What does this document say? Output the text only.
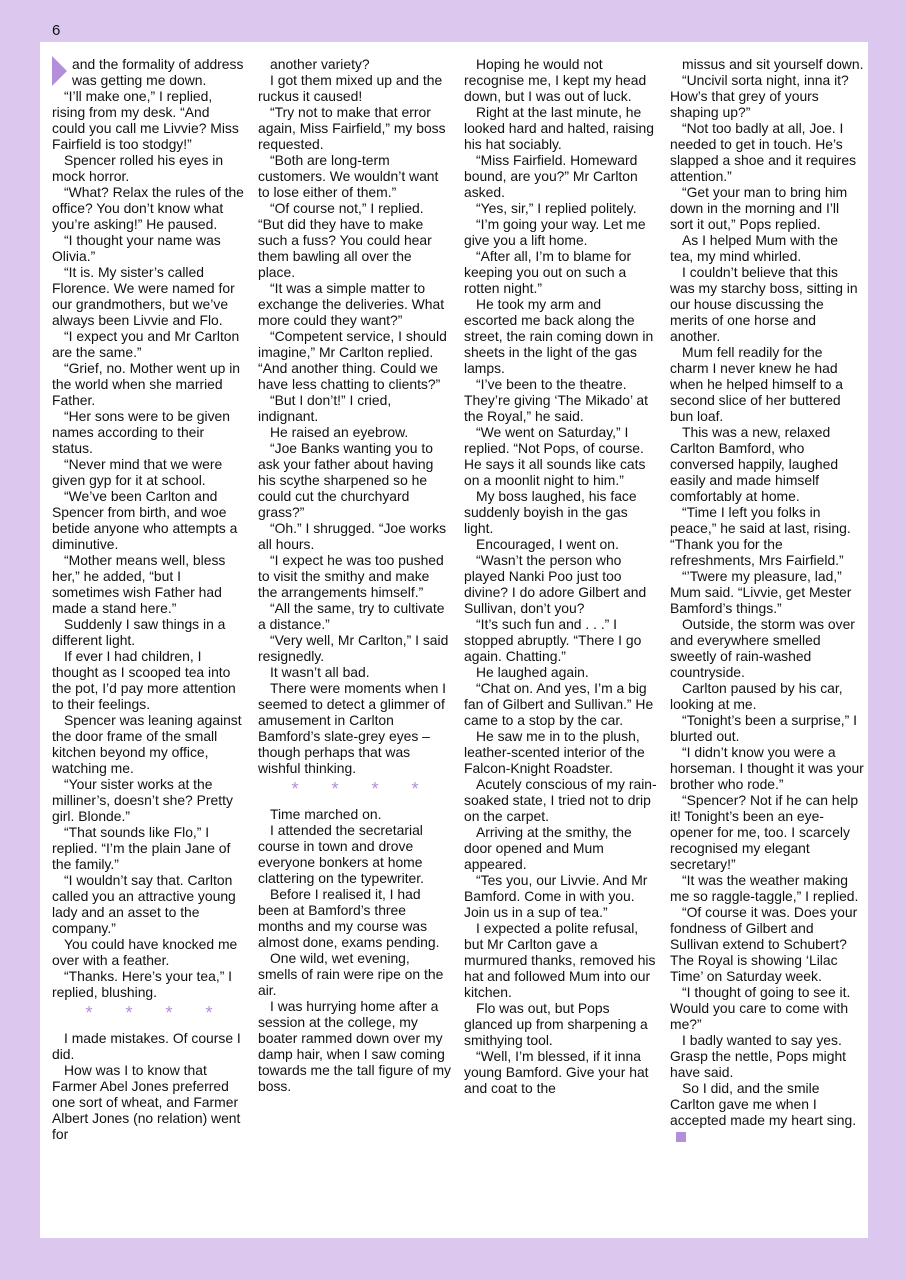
6

and the formality of address was getting me down.

“I’ll make one,” I replied, rising from my desk. “And could you call me Livvie? Miss Fairfield is too stodgy!”

Spencer rolled his eyes in mock horror.

“What? Relax the rules of the office? You don’t know what you’re asking!” He paused.

“I thought your name was Olivia.”

“It is. My sister’s called Florence. We were named for our grandmothers, but we’ve always been Livvie and Flo.

“I expect you and Mr Carlton are the same.”

“Grief, no. Mother went up in the world when she married Father.

“Her sons were to be given names according to their status.

“Never mind that we were given gyp for it at school.

“We’ve been Carlton and Spencer from birth, and woe betide anyone who attempts a diminutive.

“Mother means well, bless her,” he added, “but I sometimes wish Father had made a stand here.”

Suddenly I saw things in a different light.

If ever I had children, I thought as I scooped tea into the pot, I’d pay more attention to their feelings.

Spencer was leaning against the door frame of the small kitchen beyond my office, watching me.

“Your sister works at the milliner’s, doesn’t she? Pretty girl. Blonde.”

“That sounds like Flo,” I replied. “I’m the plain Jane of the family.”

“I wouldn’t say that. Carlton called you an attractive young lady and an asset to the company.”

You could have knocked me over with a feather.

“Thanks. Here’s your tea,” I replied, blushing.

* * * *

I made mistakes. Of course I did.

How was I to know that Farmer Abel Jones preferred one sort of wheat, and Farmer Albert Jones (no relation) went for

another variety?

I got them mixed up and the ruckus it caused!

“Try not to make that error again, Miss Fairfield,” my boss requested.

“Both are long-term customers. We wouldn’t want to lose either of them.”

“Of course not,” I replied. “But did they have to make such a fuss? You could hear them bawling all over the place.

“It was a simple matter to exchange the deliveries. What more could they want?”

“Competent service, I should imagine,” Mr Carlton replied. “And another thing. Could we have less chatting to clients?”

“But I don’t!” I cried, indignant.

He raised an eyebrow.

“Joe Banks wanting you to ask your father about having his scythe sharpened so he could cut the churchyard grass?”

“Oh.” I shrugged. “Joe works all hours.

“I expect he was too pushed to visit the smithy and make the arrangements himself.”

“All the same, try to cultivate a distance.”

“Very well, Mr Carlton,” I said resignedly.

It wasn’t all bad.

There were moments when I seemed to detect a glimmer of amusement in Carlton Bamford’s slate-grey eyes – though perhaps that was wishful thinking.

* * * *

Time marched on.

I attended the secretarial course in town and drove everyone bonkers at home clattering on the typewriter.

Before I realised it, I had been at Bamford’s three months and my course was almost done, exams pending.

One wild, wet evening, smells of rain were ripe on the air.

I was hurrying home after a session at the college, my boater rammed down over my damp hair, when I saw coming towards me the tall figure of my boss.

Hoping he would not recognise me, I kept my head down, but I was out of luck.

Right at the last minute, he looked hard and halted, raising his hat sociably.

“Miss Fairfield. Homeward bound, are you?” Mr Carlton asked.

“Yes, sir,” I replied politely.

“I’m going your way. Let me give you a lift home.

“After all, I’m to blame for keeping you out on such a rotten night.”

He took my arm and escorted me back along the street, the rain coming down in sheets in the light of the gas lamps.

“I’ve been to the theatre. They’re giving ‘The Mikado’ at the Royal,” he said.

“We went on Saturday,” I replied. “Not Pops, of course. He says it all sounds like cats on a moonlit night to him.”

My boss laughed, his face suddenly boyish in the gas light.

Encouraged, I went on.

“Wasn’t the person who played Nanki Poo just too divine? I do adore Gilbert and Sullivan, don’t you?

“It’s such fun and . . .” I stopped abruptly. “There I go again. Chatting.”

He laughed again.

“Chat on. And yes, I’m a big fan of Gilbert and Sullivan.” He came to a stop by the car.

He saw me in to the plush, leather-scented interior of the Falcon-Knight Roadster.

Acutely conscious of my rain-soaked state, I tried not to drip on the carpet.

Arriving at the smithy, the door opened and Mum appeared.

“Tes you, our Livvie. And Mr Bamford. Come in with you. Join us in a sup of tea.”

I expected a polite refusal, but Mr Carlton gave a murmured thanks, removed his hat and followed Mum into our kitchen.

Flo was out, but Pops glanced up from sharpening a smithying tool.

“Well, I’m blessed, if it inna young Bamford. Give your hat and coat to the

missus and sit yourself down.

“Uncivil sorta night, inna it? How’s that grey of yours shaping up?”

“Not too badly at all, Joe. I needed to get in touch. He’s slapped a shoe and it requires attention.”

“Get your man to bring him down in the morning and I’ll sort it out,” Pops replied.

As I helped Mum with the tea, my mind whirled.

I couldn’t believe that this was my starchy boss, sitting in our house discussing the merits of one horse and another.

Mum fell readily for the charm I never knew he had when he helped himself to a second slice of her buttered bun loaf.

This was a new, relaxed Carlton Bamford, who conversed happily, laughed easily and made himself comfortably at home.

“Time I left you folks in peace,” he said at last, rising. “Thank you for the refreshments, Mrs Fairfield.”

“’Twere my pleasure, lad,” Mum said. “Livvie, get Mester Bamford’s things.”

Outside, the storm was over and everywhere smelled sweetly of rain-washed countryside.

Carlton paused by his car, looking at me.

“Tonight’s been a surprise,” I blurted out.

“I didn’t know you were a horseman. I thought it was your brother who rode.”

“Spencer? Not if he can help it! Tonight’s been an eye-opener for me, too. I scarcely recognised my elegant secretary!”

“It was the weather making me so raggle-taggle,” I replied.

“Of course it was. Does your fondness of Gilbert and Sullivan extend to Schubert? The Royal is showing ‘Lilac Time’ on Saturday week.

“I thought of going to see it. Would you care to come with me?”

I badly wanted to say yes. Grasp the nettle, Pops might have said.

So I did, and the smile Carlton gave me when I accepted made my heart sing.
